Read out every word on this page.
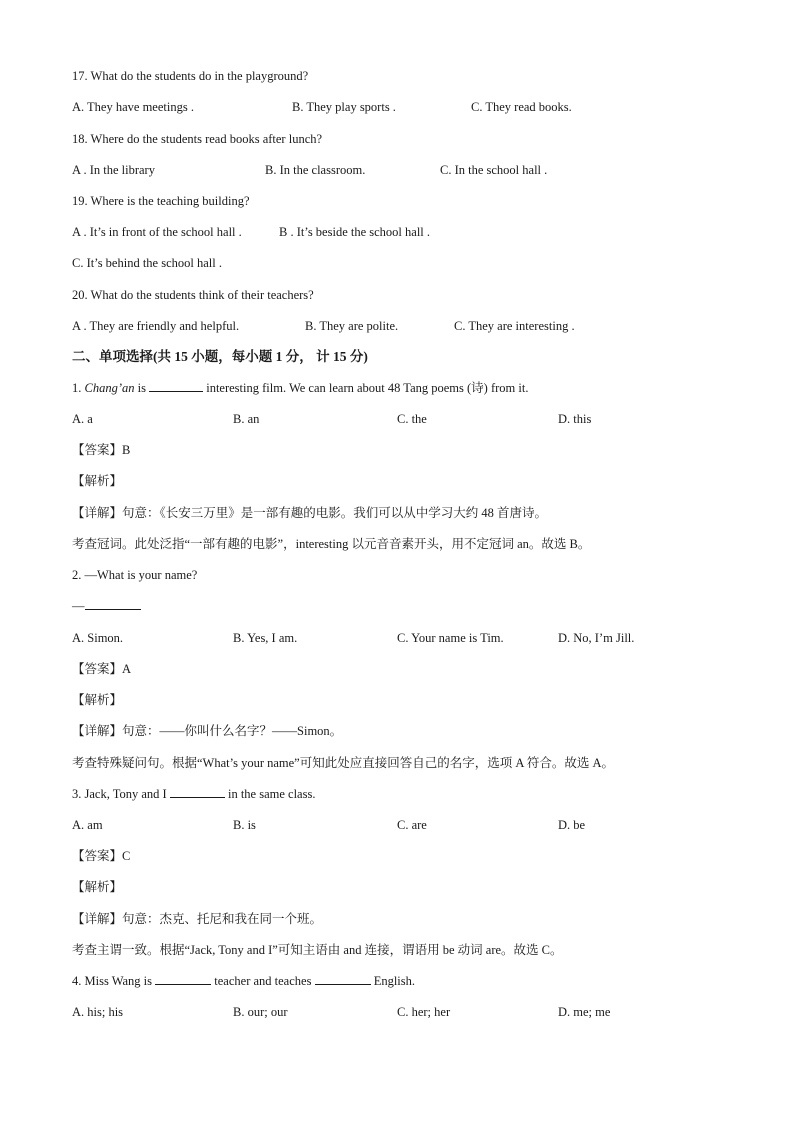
17. What do the students do in the playground?
A. They have meetings .	B. They play sports .	C. They read books.
18. Where do the students read books after lunch?
A . In the library	B. In the classroom.	C. In the school hall .
19. Where is the teaching building?
A . It’s in front of the school hall .	B . It’s beside the school hall .
C. It’s behind the school hall .
20. What do the students think of their teachers?
A . They are friendly and helpful.	B. They are polite.	C. They are interesting .
二、单项选择(共 15 小题，每小题 1 分， 计 15 分)
1. Chang’an is	interesting film. We can learn about 48 Tang poems (诗) from it.
A. a	B. an	C. the	D. this
【答案】B
【解析】
【详解】句意：《长安三万里》是一部有趣的电影。我们可以从中学习大约 48 首唐诗。
考查冠词。此处泛指“一部有趣的电影”，interesting 以元音音素开头，用不定冠词 an。故选 B。
2. —What is your name?
—
A. Simon.	B. Yes, I am.	C. Your name is Tim.	D. No, I’m Jill.
【答案】A
【解析】
【详解】句意：——你叫什么名字？——Simon。
考查特殊疑问句。根据“What’s your name”可知此处应直接回答自己的名字，选项 A 符合。故选 A。
3. Jack, Tony and I	in the same class.
A. am	B. is	C. are	D. be
【答案】C
【解析】
【详解】句意：杰克、托尼和我在同一个班。
考查主谓一致。根据“Jack, Tony and I”可知主语由 and 连接，谓语用 be 动词 are。故选 C。
4. Miss Wang is	teacher and teaches	English.
A. his; his	B. our; our	C. her; her	D. me; me
